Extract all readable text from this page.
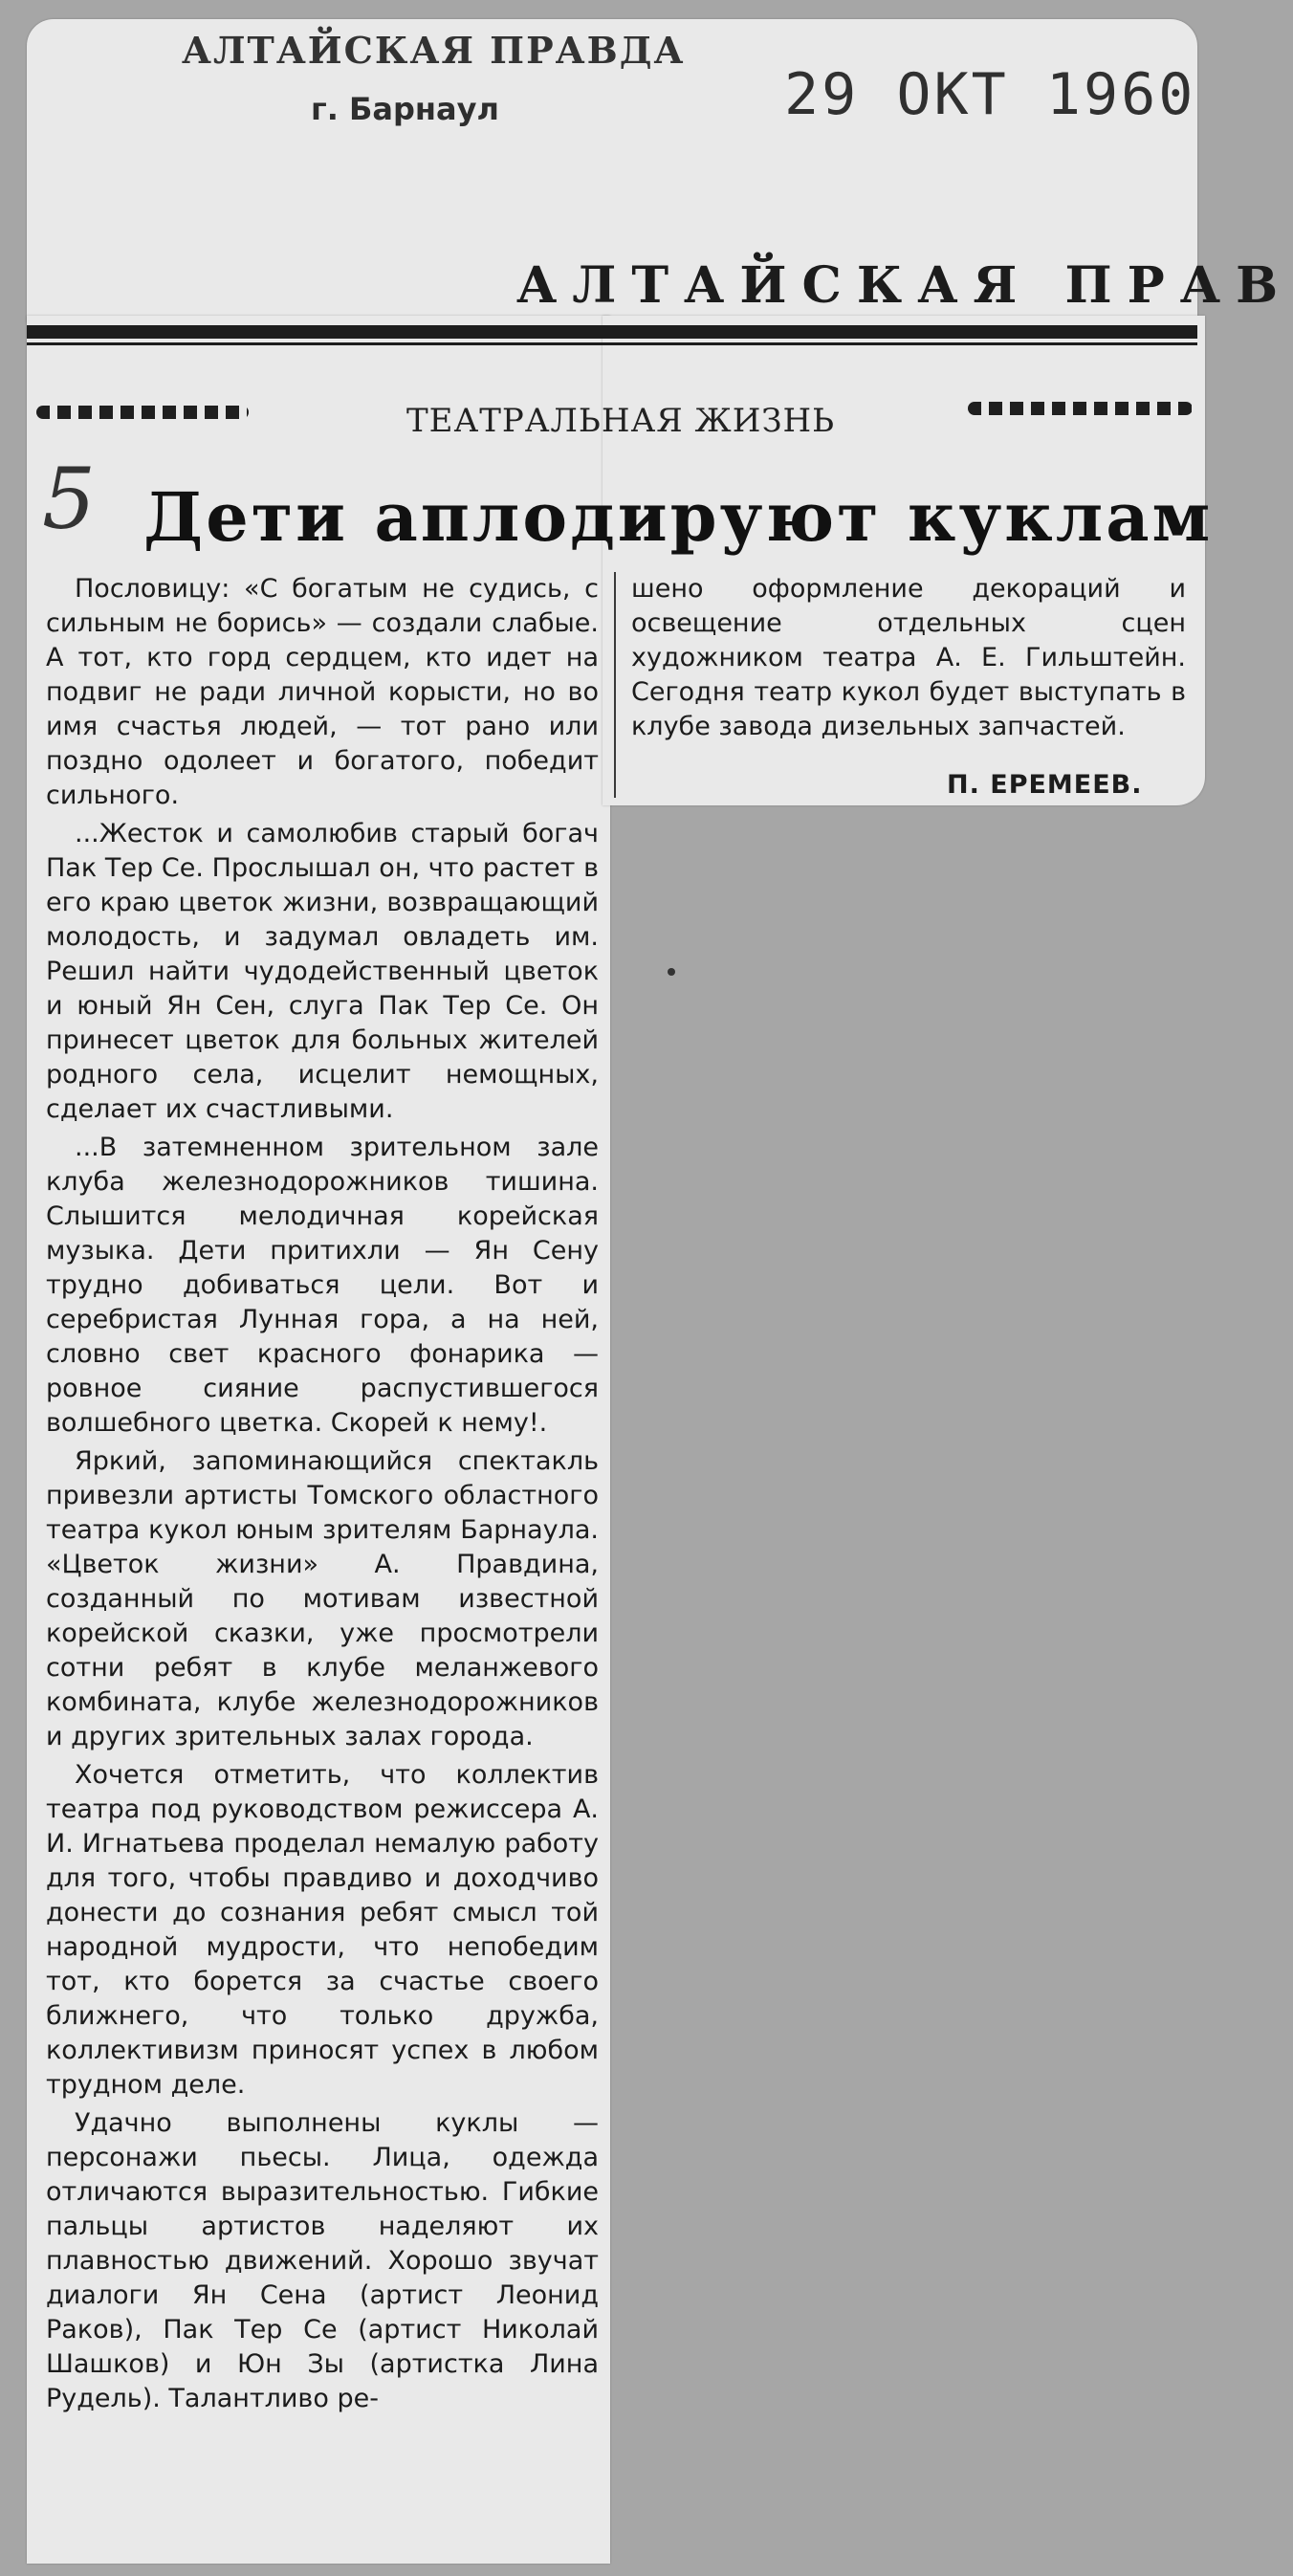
АЛТАЙСКАЯ ПРАВДА
г. Барнаул	29 ОКТ 1960
АЛТАЙСКАЯ ПРАВ
ТЕАТРАЛЬНАЯ ЖИЗНЬ
5 Дети аплодируют куклам

Пословицу: «С богатым не судись, с сильным не борись» — создали слабые. А тот, кто горд сердцем, кто идет на подвиг не ради личной корысти, но во имя счастья людей, — тот рано или поздно одолеет и богатого, победит сильного.

...Жесток и самолюбив старый богач Пак Тер Се. Прослышал он, что растет в его краю цветок жизни, возвращающий молодость, и задумал овладеть им. Решил найти чудодейственный цветок и юный Ян Сен, слуга Пак Тер Се. Он принесет цветок для больных жителей родного села, исцелит немощных, сделает их счастливыми.

...В затемненном зрительном зале клуба железнодорожников тишина. Слышится мелодичная корейская музыка. Дети притихли — Ян Сену трудно добиваться цели. Вот и серебристая Лунная гора, а на ней, словно свет красного фонарика — ровное сияние распустившегося волшебного цветка. Скорей к нему!.

Яркий, запоминающийся спектакль привезли артисты Томского областного театра кукол юным зрителям Барнаула. «Цветок жизни» А. Правдина, созданный по мотивам известной корейской сказки, уже просмотрели сотни ребят в клубе меланжевого комбината, клубе железнодорожников и других зрительных залах города.

Хочется отметить, что коллектив театра под руководством режиссера А. И. Игнатьева проделал немалую работу для того, чтобы правдиво и доходчиво донести до сознания ребят смысл той народной мудрости, что непобедим тот, кто борется за счастье своего ближнего, что только дружба, коллективизм приносят успех в любом трудном деле.

Удачно выполнены куклы — персонажи пьесы. Лица, одежда отличаются выразительностью. Гибкие пальцы артистов наделяют их плавностью движений. Хорошо звучат диалоги Ян Сена (артист Леонид Раков), Пак Тер Се (артист Николай Шашков) и Юн Зы (артистка Лина Рудель). Талантливо ре-

шено оформление декораций и освещение отдельных сцен художником театра А. Е. Гильштейн. Сегодня театр кукол будет выступать в клубе завода дизельных запчастей.

П. ЕРЕМЕЕВ.
